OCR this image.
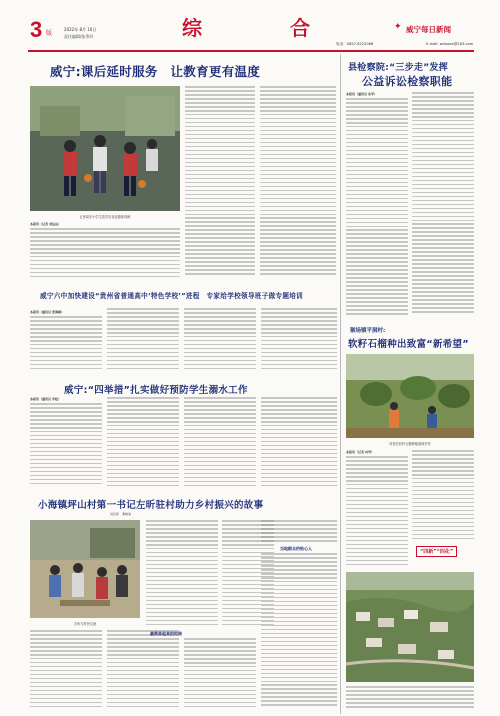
3 版
2022年 8月 10日
责任编辑/张季玲	综	合	威宁每日新闻
✦
电话：0857-6222068	E-mail: wdxwzx@163.com
威宁:课后延时服务　让教育更有温度
五里岗完小学生放学后参加篮球训练
本报讯（记者 刘丛丛）
威宁六中加快建设“贵州省普通高中‘特色学校’”进程　专家给学校领导班子做专题培训
本报讯（通讯员 张鸿梅）
威宁:“四举措”扎实做好预防学生溺水工作
本报讯（通讯员 李松）
小海镇坪山村第一书记左昕驻村助力乡村振兴的故事
刘洪泽　秦晓旭
左昕与村民交流
最简单起来的时候
当地群众的贴心人
县检察院:“三步走”发挥
公益诉讼检察职能
本报讯（通讯员 朱军）
猴场镇平洞村:
软籽石榴种出致富“新希望”
村民在软籽石榴种植基地劳作
本报讯（记者 向琴）
“四新”“四化”
